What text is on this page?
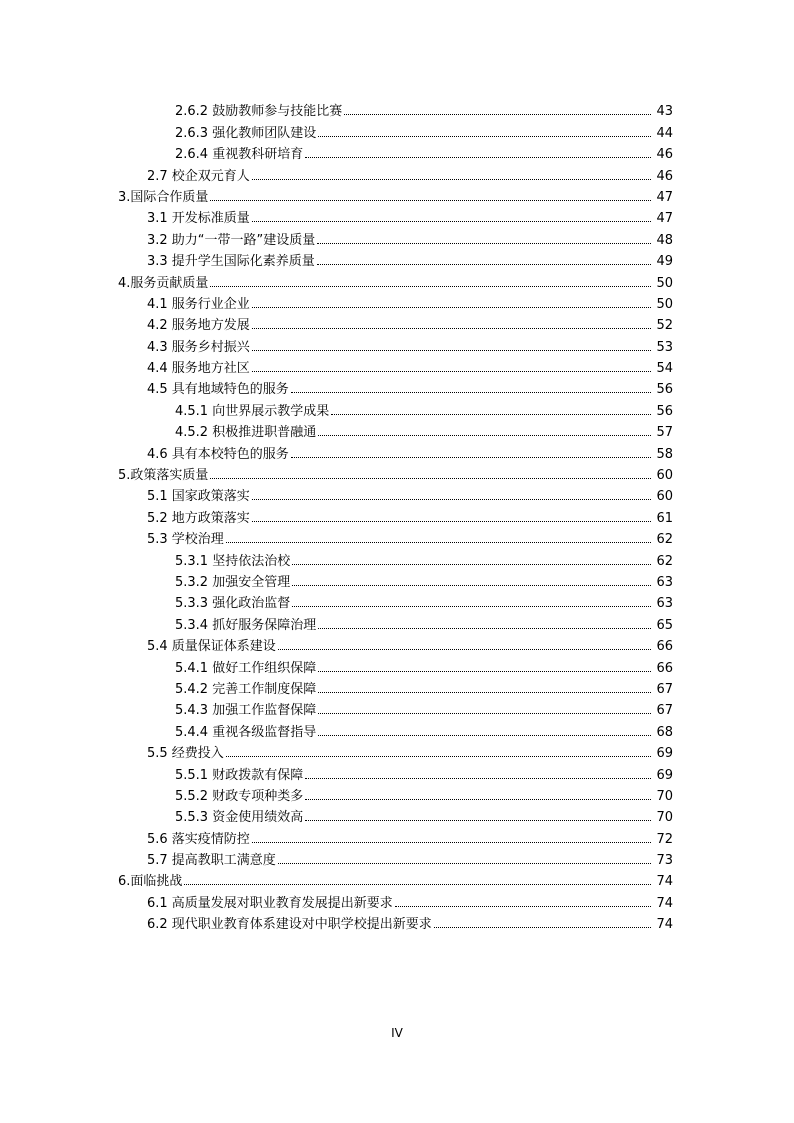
2.6.2 鼓励教师参与技能比赛	43
2.6.3 强化教师团队建设	44
2.6.4 重视教科研培育	46
2.7 校企双元育人	46
3.国际合作质量	47
3.1 开发标准质量	47
3.2 助力“一带一路”建设质量	48
3.3 提升学生国际化素养质量	49
4.服务贡献质量	50
4.1 服务行业企业	50
4.2 服务地方发展	52
4.3 服务乡村振兴	53
4.4 服务地方社区	54
4.5 具有地域特色的服务	56
4.5.1 向世界展示教学成果	56
4.5.2 积极推进职普融通	57
4.6 具有本校特色的服务	58
5.政策落实质量	60
5.1 国家政策落实	60
5.2 地方政策落实	61
5.3 学校治理	62
5.3.1 坚持依法治校	62
5.3.2 加强安全管理	63
5.3.3 强化政治监督	63
5.3.4 抓好服务保障治理	65
5.4 质量保证体系建设	66
5.4.1 做好工作组织保障	66
5.4.2 完善工作制度保障	67
5.4.3 加强工作监督保障	67
5.4.4 重视各级监督指导	68
5.5 经费投入	69
5.5.1 财政拨款有保障	69
5.5.2 财政专项种类多	70
5.5.3 资金使用绩效高	70
5.6 落实疫情防控	72
5.7 提高教职工满意度	73
6.面临挑战	74
6.1 高质量发展对职业教育发展提出新要求	74
6.2 现代职业教育体系建设对中职学校提出新要求	74
IV
